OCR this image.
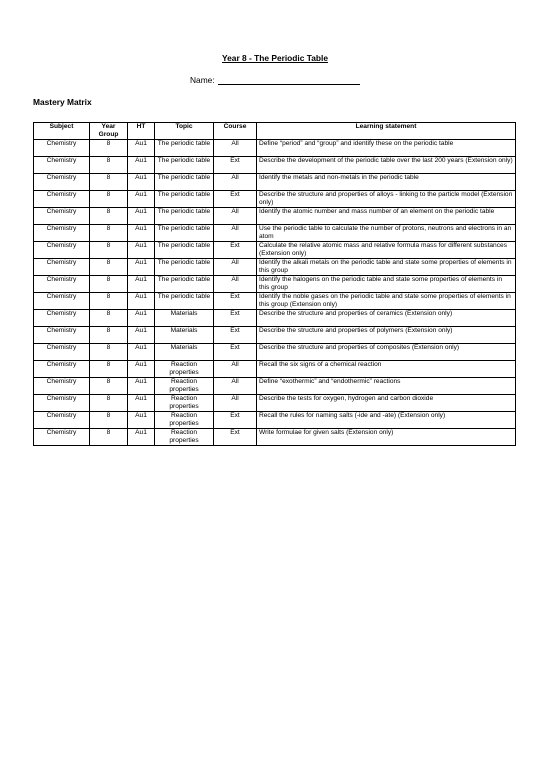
Year 8 - The Periodic Table
Name:
Mastery Matrix
Subject	Year Group	HT	Topic	Course	Learning statement
Chemistry	8	Au1	The periodic table	All	Define “period” and “group” and identify these on the periodic table
Chemistry	8	Au1	The periodic table	Ext	Describe the development of the periodic table over the last 200 years (Extension only)
Chemistry	8	Au1	The periodic table	All	Identify the metals and non-metals in the periodic table
Chemistry	8	Au1	The periodic table	Ext	Describe the structure and properties of alloys - linking to the particle model (Extension only)
Chemistry	8	Au1	The periodic table	All	Identify the atomic number and mass number of an element on the periodic table
Chemistry	8	Au1	The periodic table	All	Use the periodic table to calculate the number of protons, neutrons and electrons in an atom
Chemistry	8	Au1	The periodic table	Ext	Calculate the relative atomic mass and relative formula mass for different substances (Extension only)
Chemistry	8	Au1	The periodic table	All	Identify the alkali metals on the periodic table and state some properties of elements in this group
Chemistry	8	Au1	The periodic table	All	Identify the halogens on the periodic table and state some properties of elements in this group
Chemistry	8	Au1	The periodic table	Ext	Identify the noble gases on the periodic table and state some properties of elements in this group (Extension only)
Chemistry	8	Au1	Materials	Ext	Describe the structure and properties of ceramics (Extension only)
Chemistry	8	Au1	Materials	Ext	Describe the structure and properties of polymers (Extension only)
Chemistry	8	Au1	Materials	Ext	Describe the structure and properties of composites (Extension only)
Chemistry	8	Au1	Reaction properties	All	Recall the six signs of a chemical reaction
Chemistry	8	Au1	Reaction properties	All	Define “exothermic” and “endothermic” reactions
Chemistry	8	Au1	Reaction properties	All	Describe the tests for oxygen, hydrogen and carbon dioxide
Chemistry	8	Au1	Reaction properties	Ext	Recall the rules for naming salts (-ide and -ate) (Extension only)
Chemistry	8	Au1	Reaction properties	Ext	Write formulae for given salts (Extension only)
